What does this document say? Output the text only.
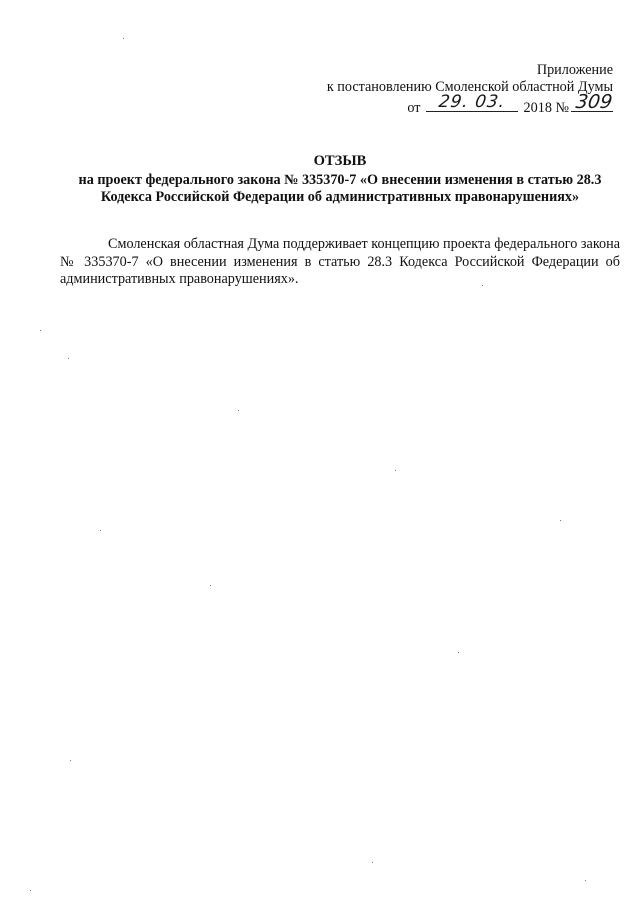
Приложение
к постановлению Смоленской областной Думы
от 29. 03.	2018 № 309
ОТЗЫВ
на проект федерального закона № 335370-7 «О внесении изменения в статью 28.3 Кодекса Российской Федерации об административных правонарушениях»
Смоленская областная Дума поддерживает концепцию проекта федерального закона № 335370-7 «О внесении изменения в статью 28.3 Кодекса Российской Федерации об административных правонарушениях».
